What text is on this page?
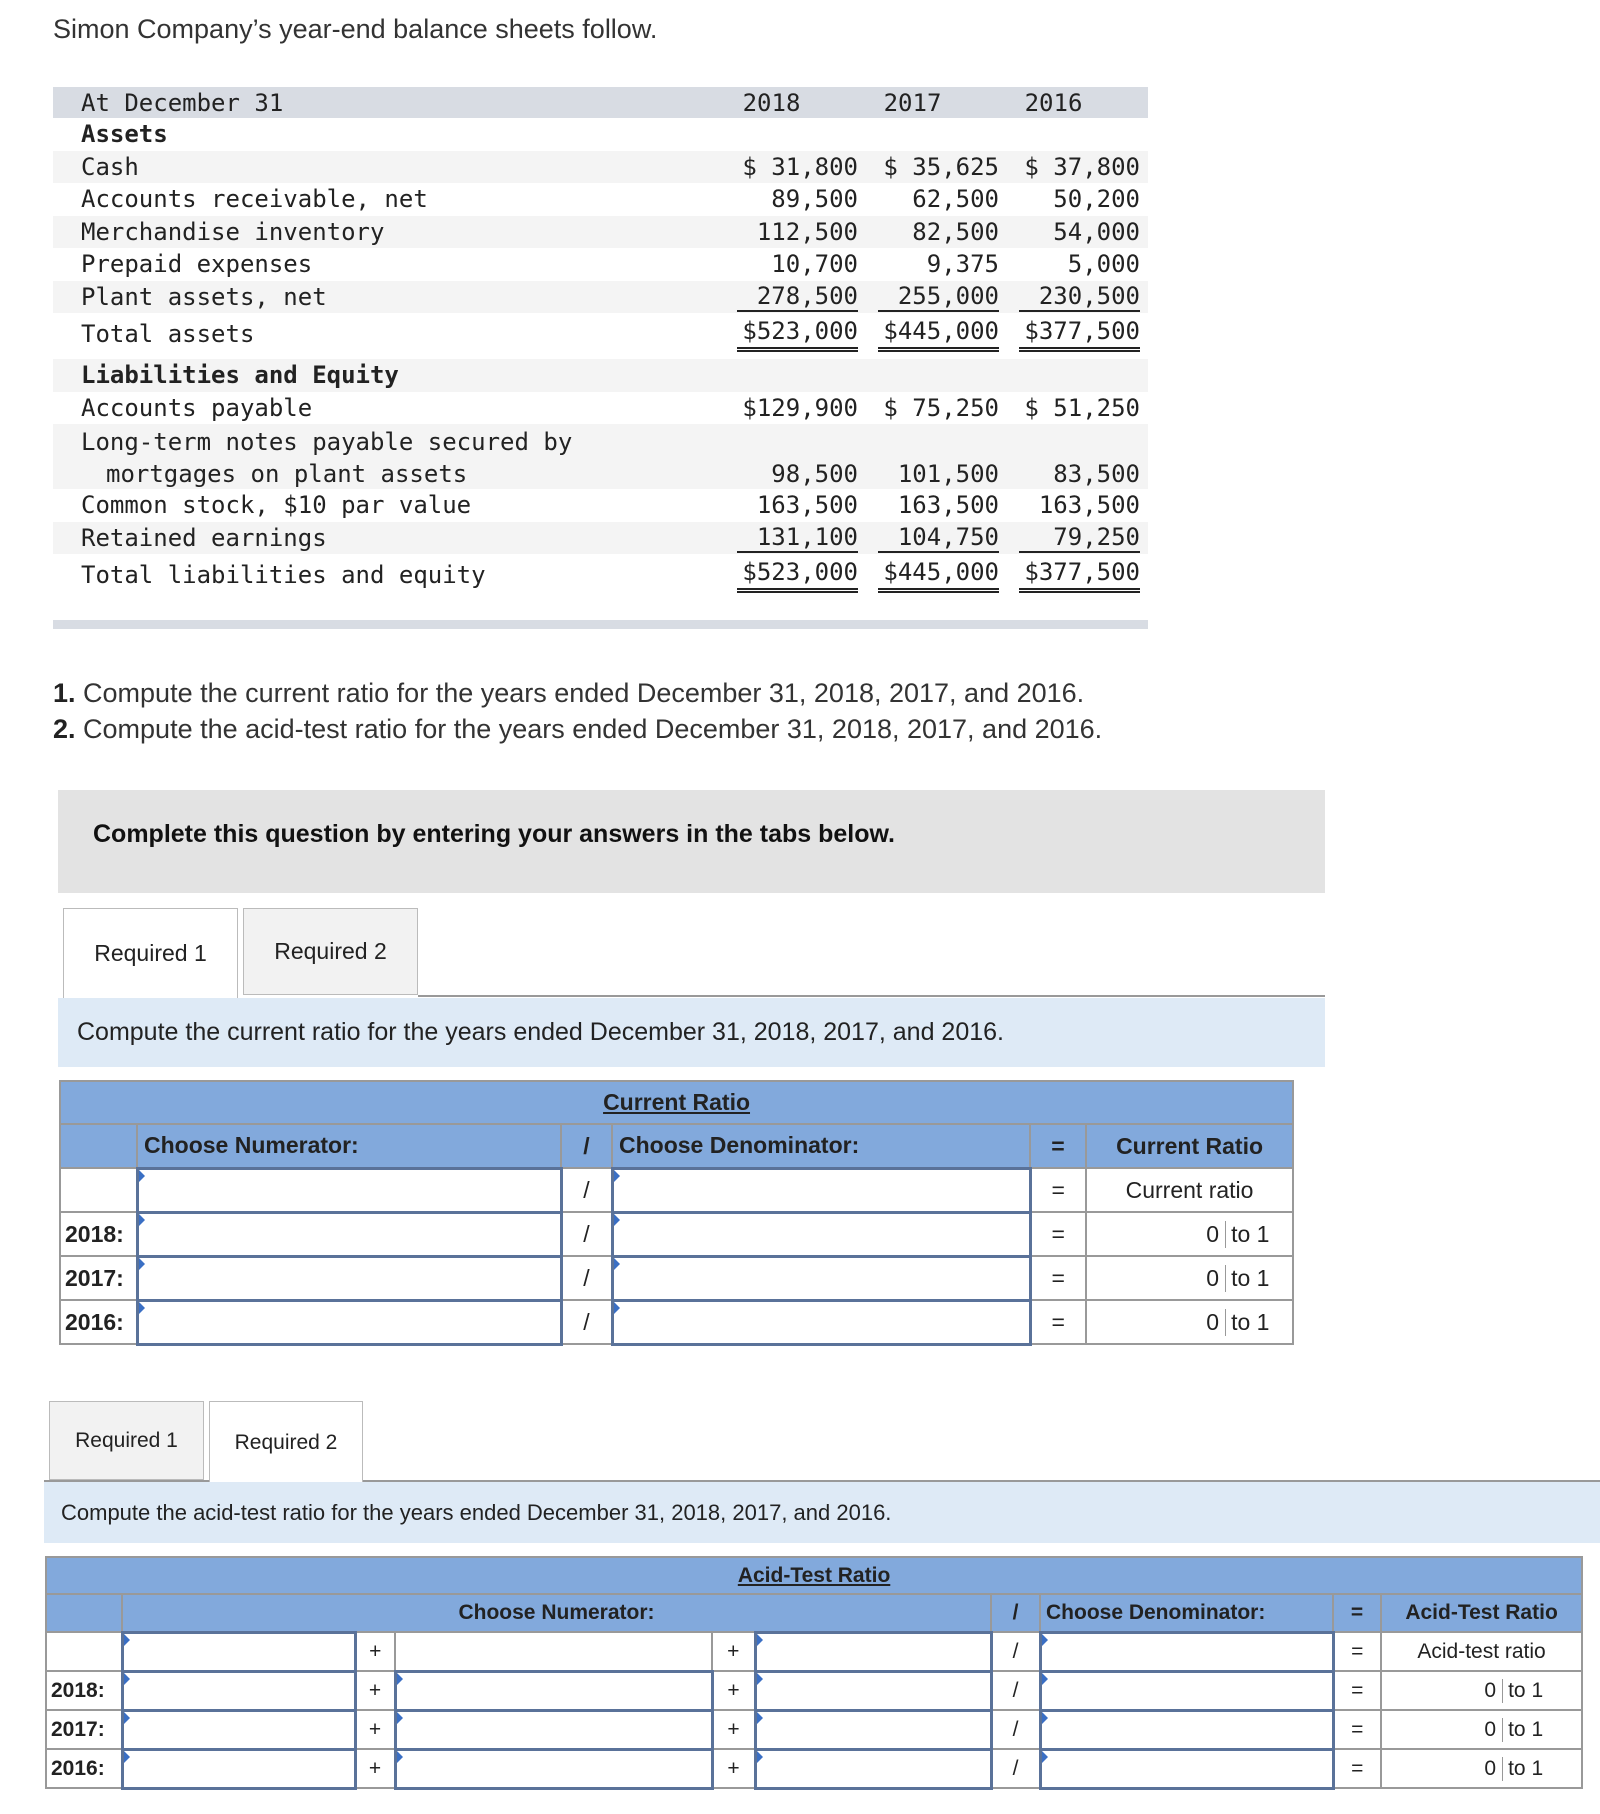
Simon Company’s year-end balance sheets follow.
At December 31	2018	2017	2016
Assets
Cash	$ 31,800	$ 35,625	$ 37,800
Accounts receivable, net	89,500	62,500	50,200
Merchandise inventory	112,500	82,500	54,000
Prepaid expenses	10,700	9,375	5,000
Plant assets, net	278,500	255,000	230,500
Total assets	$523,000	$445,000	$377,500
Liabilities and Equity
Accounts payable	$129,900	$ 75,250	$ 51,250
Long-term notes payable secured by
mortgages on plant assets	98,500	101,500	83,500
Common stock, $10 par value	163,500	163,500	163,500
Retained earnings	131,100	104,750	79,250
Total liabilities and equity	$523,000	$445,000	$377,500
1. Compute the current ratio for the years ended December 31, 2018, 2017, and 2016.
2. Compute the acid-test ratio for the years ended December 31, 2018, 2017, and 2016.
Complete this question by entering your answers in the tabs below.
Required 1	Required 2
Compute the current ratio for the years ended December 31, 2018, 2017, and 2016.
Current Ratio					
	Choose Numerator:	/	Choose Denominator:	=	Current Ratio
		/		=	Current ratio
2018:		/		=	0 to 1

2017:		/		=	0 to 1

2016:		/		=	0 to 1
Required 1	Required 2
Compute the acid-test ratio for the years ended December 31, 2018, 2017, and 2016.
Acid-Test Ratio									
	Choose Numerator:					/	Choose Denominator:	=	Acid-Test Ratio
		+		+		/		=	Acid-test ratio
2018:		+		+		/		=	0 to 1

2017:		+		+		/		=	0 to 1

2016:		+		+		/		=	0 to 1
